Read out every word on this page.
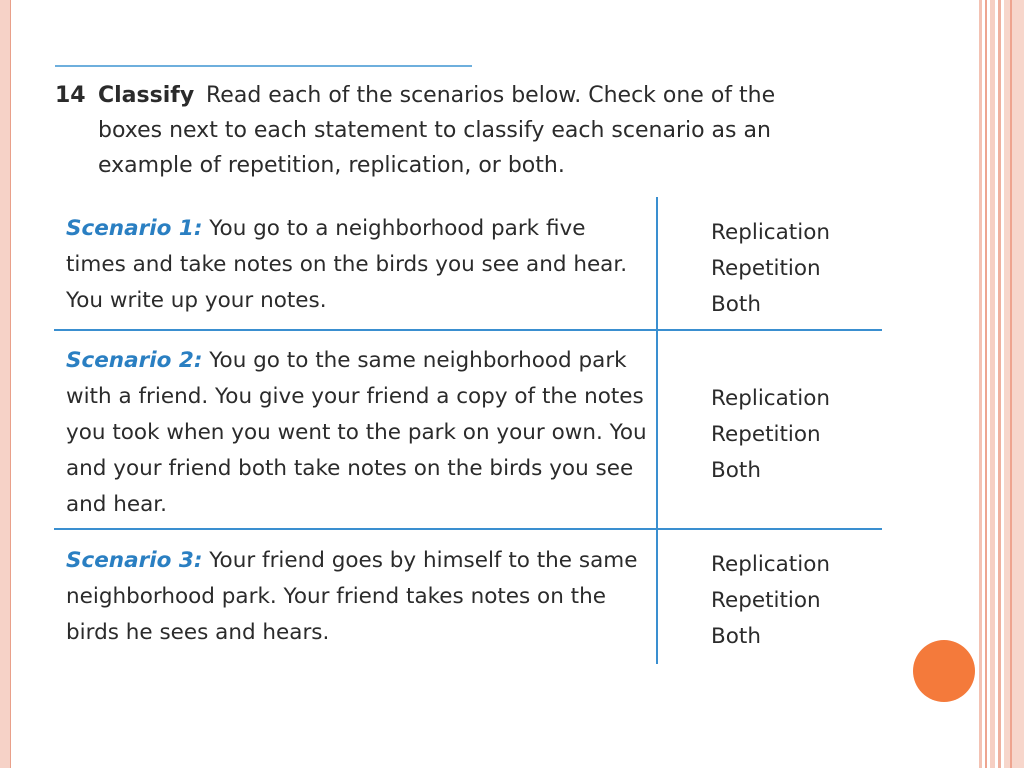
14 Classify Read each of the scenarios below. Check one of the boxes next to each statement to classify each scenario as an example of repetition, replication, or both.
Scenario 1: You go to a neighborhood park five times and take notes on the birds you see and hear. You write up your notes.
Replication
Repetition
Both
Scenario 2: You go to the same neighborhood park with a friend. You give your friend a copy of the notes you took when you went to the park on your own. You and your friend both take notes on the birds you see and hear.
Replication
Repetition
Both
Scenario 3: Your friend goes by himself to the same neighborhood park. Your friend takes notes on the birds he sees and hears.
Replication
Repetition
Both
